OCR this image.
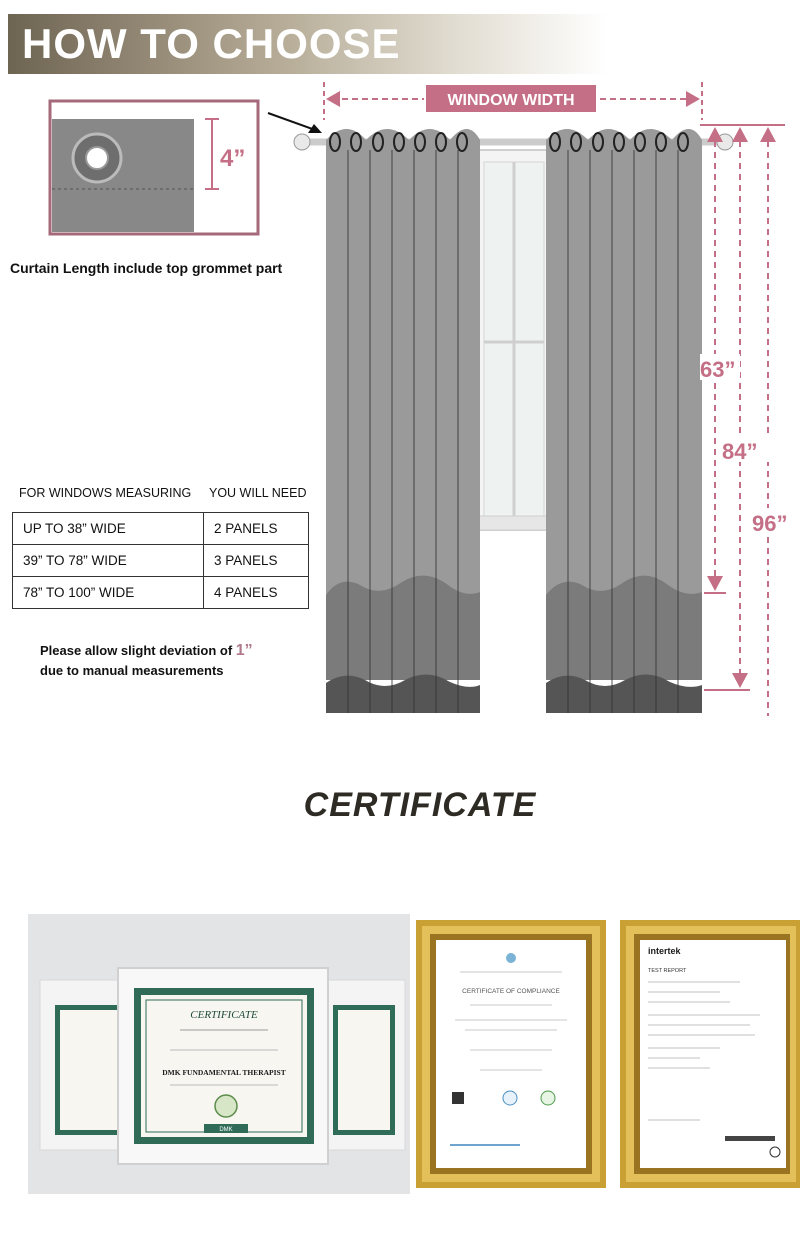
HOW TO CHOOSE
4”
WINDOW WIDTH
63”
84”
96”
CERTIFICATE
DMK FUNDAMENTAL THERAPIST
DMK
CERTIFICATE OF COMPLIANCE
intertek
TEST REPORT
Curtain Length include top grommet part
FOR WINDOWS MEASURING YOU WILL NEED
UP TO 38” WIDE	2 PANELS
39” TO 78” WIDE	3 PANELS
78” TO 100” WIDE	4 PANELS
Please allow slight deviation of 1”
due to manual measurements
CERTIFICATE
